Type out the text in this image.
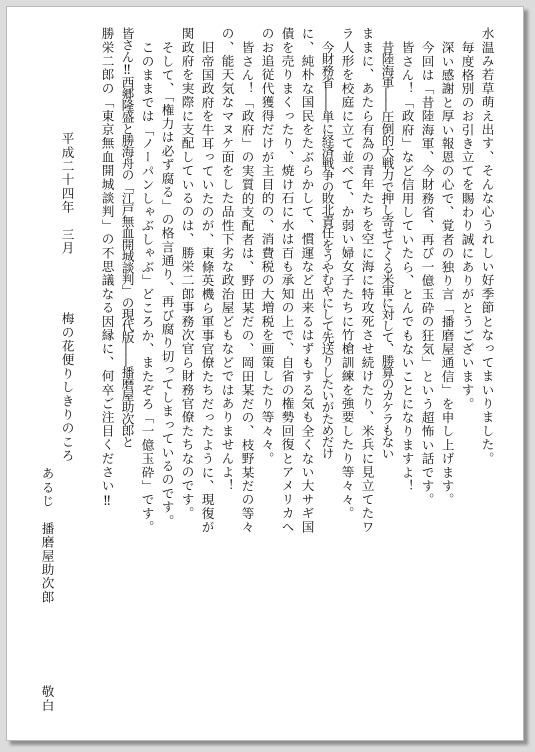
水温み若草萌え出す、そんな心うれしい好季節となってまいりました。

毎度格別のお引き立てを賜わり誠にありがとうございます。

深い感謝と厚い報恩の心で、覚者の独り言「播磨屋通信」を申し上げます。

今回は「昔陸海軍、今財務省、再び一億玉砕の狂気」という超怖い話です。

皆さん！「政府」など信用していたら、とんでもないことになりますよ！

昔陸海軍――圧倒的大戦力で押し寄せてくる米軍に対して、勝算のカケラもない

ままに、あたら有為の青年たちを空に海に特攻死させ続けたり、米兵に見立てたワ

ラ人形を校庭に立て並べて、か弱い婦女子たちに竹槍訓練を強要したり等々々。

今財務省――単に経済戦争の敗北責任をうやむやにして先送りしたいがためだけ

に、純朴な国民をたぶらかして、慣運など出来るはずもする気も全くない大サギ国

債を売りまくったり、焼け石に水は百も承知の上で、自省の権勢回復とアメリカへ

のお追従代獲得だけが主目的の、消費税の大増税を画策したり等々々。

皆さん！「政府」の実質的支配者は、野田某だの、岡田某だの、枝野某だの等々

の、能天気なマヌケ面をした品性下劣な政治屋どもなどではありませんよ！

旧帝国政府を牛耳っていたのが、東條英機ら軍事官僚たちだったように、現復が

関政府を実際に支配しているのは、勝栄二郎事務次官ら財務官僚たちなのです。

そして、「権力は必ず腐る」の格言通り、再び腐り切ってしまっているのです。

このままでは「ノーパンしゃぶしゃぶ」どころか、またぞろ「一億玉砕」です。

皆さん‼西郷隆盛と勝海舟の「江戸無血開城談判」の現代版――播磨屋助次郎と

勝栄二郎の「東京無血開城談判」の不思議なる因縁に、何卒ご注目ください‼

平成二十四年　三月

梅の花便りしきりのころ

あるじ　播磨屋助次郎

敬白
